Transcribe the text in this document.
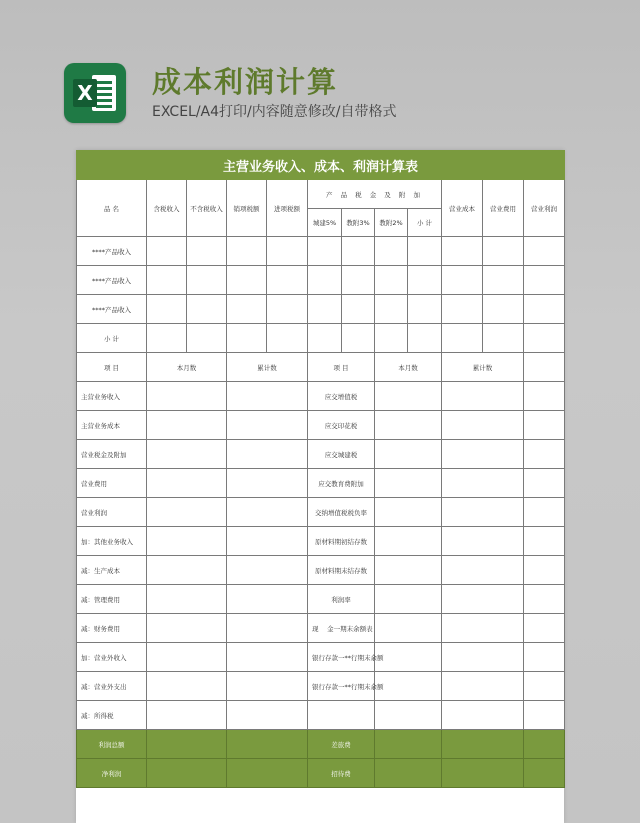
X 成本利润计算
EXCEL/A4打印/内容随意修改/自带格式
主营业务收入、成本、利润计算表											
品 名	含税收入	不含税收入	销项税额	进项税额	产 品 税 金 及 附 加				营业成本	营业费用	营业利润
					城建5%	教附3%	教附2%	小 计			
****产品收入											
****产品收入											
****产品收入											
小 计											
项 目	本月数		累计数		项 目		本月数		累计数		
主营业务收入					应交增值税						
主营业务成本					应交印花税						
营业税金及附加					应交城建税						
营业费用					应交教育费附加						
营业利润					交纳增值税税负率						
加：其他业务收入					原材料期初结存数						
减：生产成本					原材料期末结存数						
减：管理费用					利润率						
减：财务费用					现　 金一期末余额表						
加：营业外收入					银行存款一**行期末余额						
减：营业外支出					银行存款一**行期末余额						
减：所得税											
利润总额					差旅费						
净利润					招待费						
